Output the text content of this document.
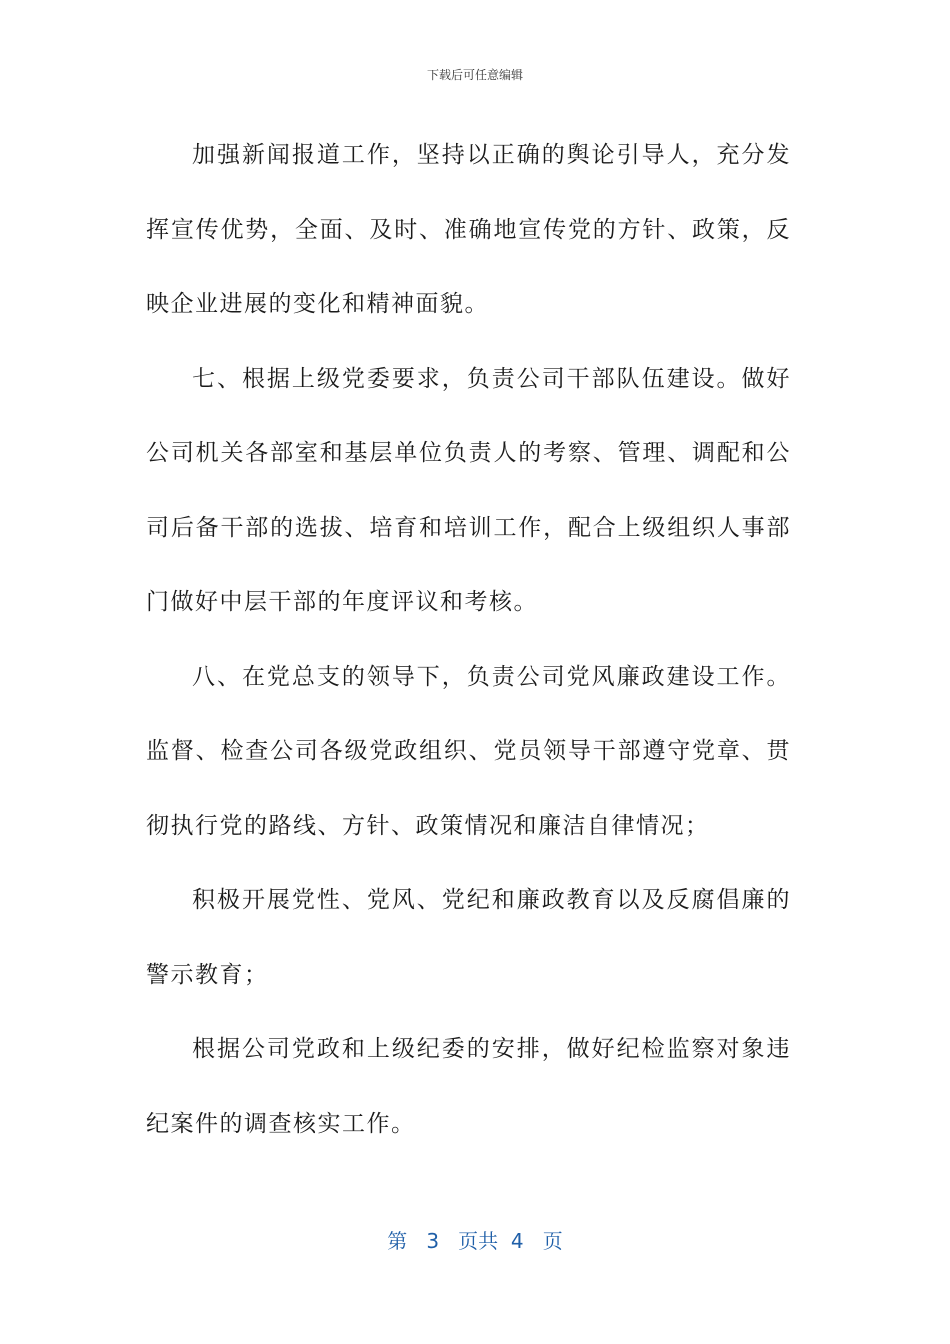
下载后可任意编辑

加强新闻报道工作，坚持以正确的舆论引导人，充分发挥宣传优势，全面、及时、准确地宣传党的方针、政策，反映企业进展的变化和精神面貌。

七、根据上级党委要求，负责公司干部队伍建设。做好公司机关各部室和基层单位负责人的考察、管理、调配和公司后备干部的选拔、培育和培训工作，配合上级组织人事部门做好中层干部的年度评议和考核。

八、在党总支的领导下，负责公司党风廉政建设工作。监督、检查公司各级党政组织、党员领导干部遵守党章、贯彻执行党的路线、方针、政策情况和廉洁自律情况；

积极开展党性、党风、党纪和廉政教育以及反腐倡廉的警示教育；

根据公司党政和上级纪委的安排，做好纪检监察对象违纪案件的调查核实工作。

第 3 页共 4 页
